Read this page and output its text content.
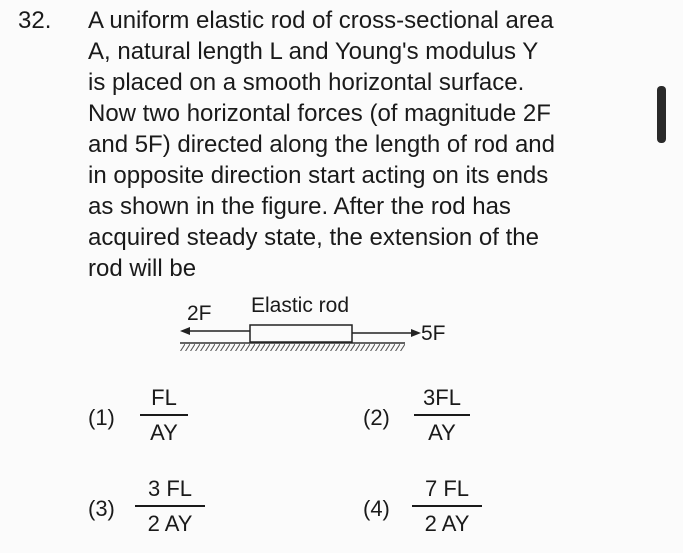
32. A uniform elastic rod of cross-sectional area
A, natural length L and Young's modulus Y
is placed on a smooth horizontal surface.
Now two horizontal forces (of magnitude 2F
and 5F) directed along the length of rod and
in opposite direction start acting on its ends
as shown in the figure. After the rod has
acquired steady state, the extension of the
rod will be
2F Elastic rod
5F
(1)
FL
AY
(2)
3FL
AY
(3)
3 FL
2 AY
(4)
7 FL
2 AY
